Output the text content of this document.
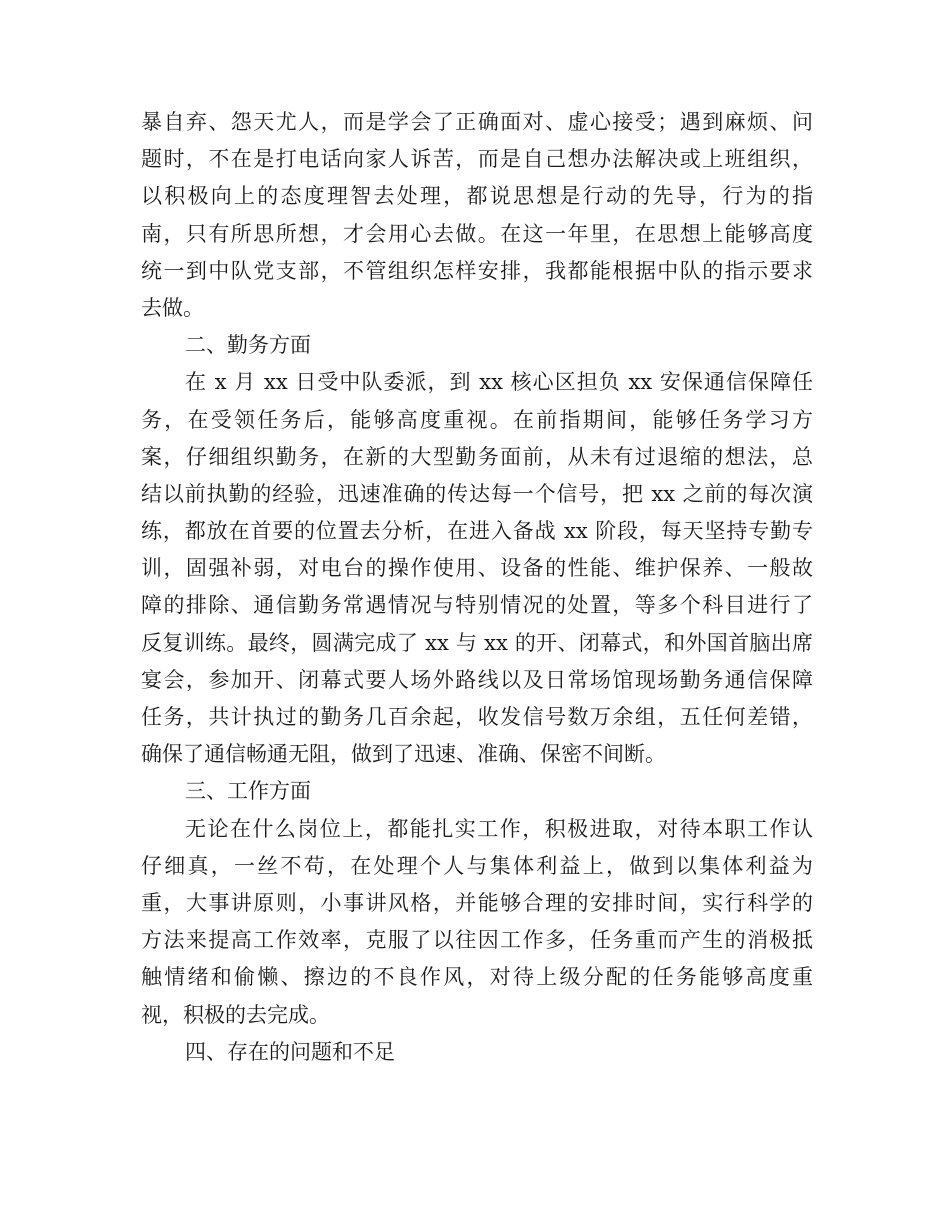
暴自弃、怨天尤人，而是学会了正确面对、虚心接受；遇到麻烦、问
题时，不在是打电话向家人诉苦，而是自己想办法解决或上班组织，
以积极向上的态度理智去处理，都说思想是行动的先导，行为的指
南，只有所思所想，才会用心去做。在这一年里，在思想上能够高度
统一到中队党支部，不管组织怎样安排，我都能根据中队的指示要求
去做。
二、勤务方面
在 x 月 xx 日受中队委派，到 xx 核心区担负 xx 安保通信保障任
务，在受领任务后，能够高度重视。在前指期间，能够任务学习方
案，仔细组织勤务，在新的大型勤务面前，从未有过退缩的想法，总
结以前执勤的经验，迅速准确的传达每一个信号，把 xx 之前的每次演
练，都放在首要的位置去分析，在进入备战 xx 阶段，每天坚持专勤专
训，固强补弱，对电台的操作使用、设备的性能、维护保养、一般故
障的排除、通信勤务常遇情况与特别情况的处置，等多个科目进行了
反复训练。最终，圆满完成了 xx 与 xx 的开、闭幕式，和外国首脑出席
宴会，参加开、闭幕式要人场外路线以及日常场馆现场勤务通信保障
任务，共计执过的勤务几百余起，收发信号数万余组，五任何差错，
确保了通信畅通无阻，做到了迅速、准确、保密不间断。
三、工作方面
无论在什么岗位上，都能扎实工作，积极进取，对待本职工作认
仔细真，一丝不苟，在处理个人与集体利益上，做到以集体利益为
重，大事讲原则，小事讲风格，并能够合理的安排时间，实行科学的
方法来提高工作效率，克服了以往因工作多，任务重而产生的消极抵
触情绪和偷懒、擦边的不良作风，对待上级分配的任务能够高度重
视，积极的去完成。
四、存在的问题和不足
